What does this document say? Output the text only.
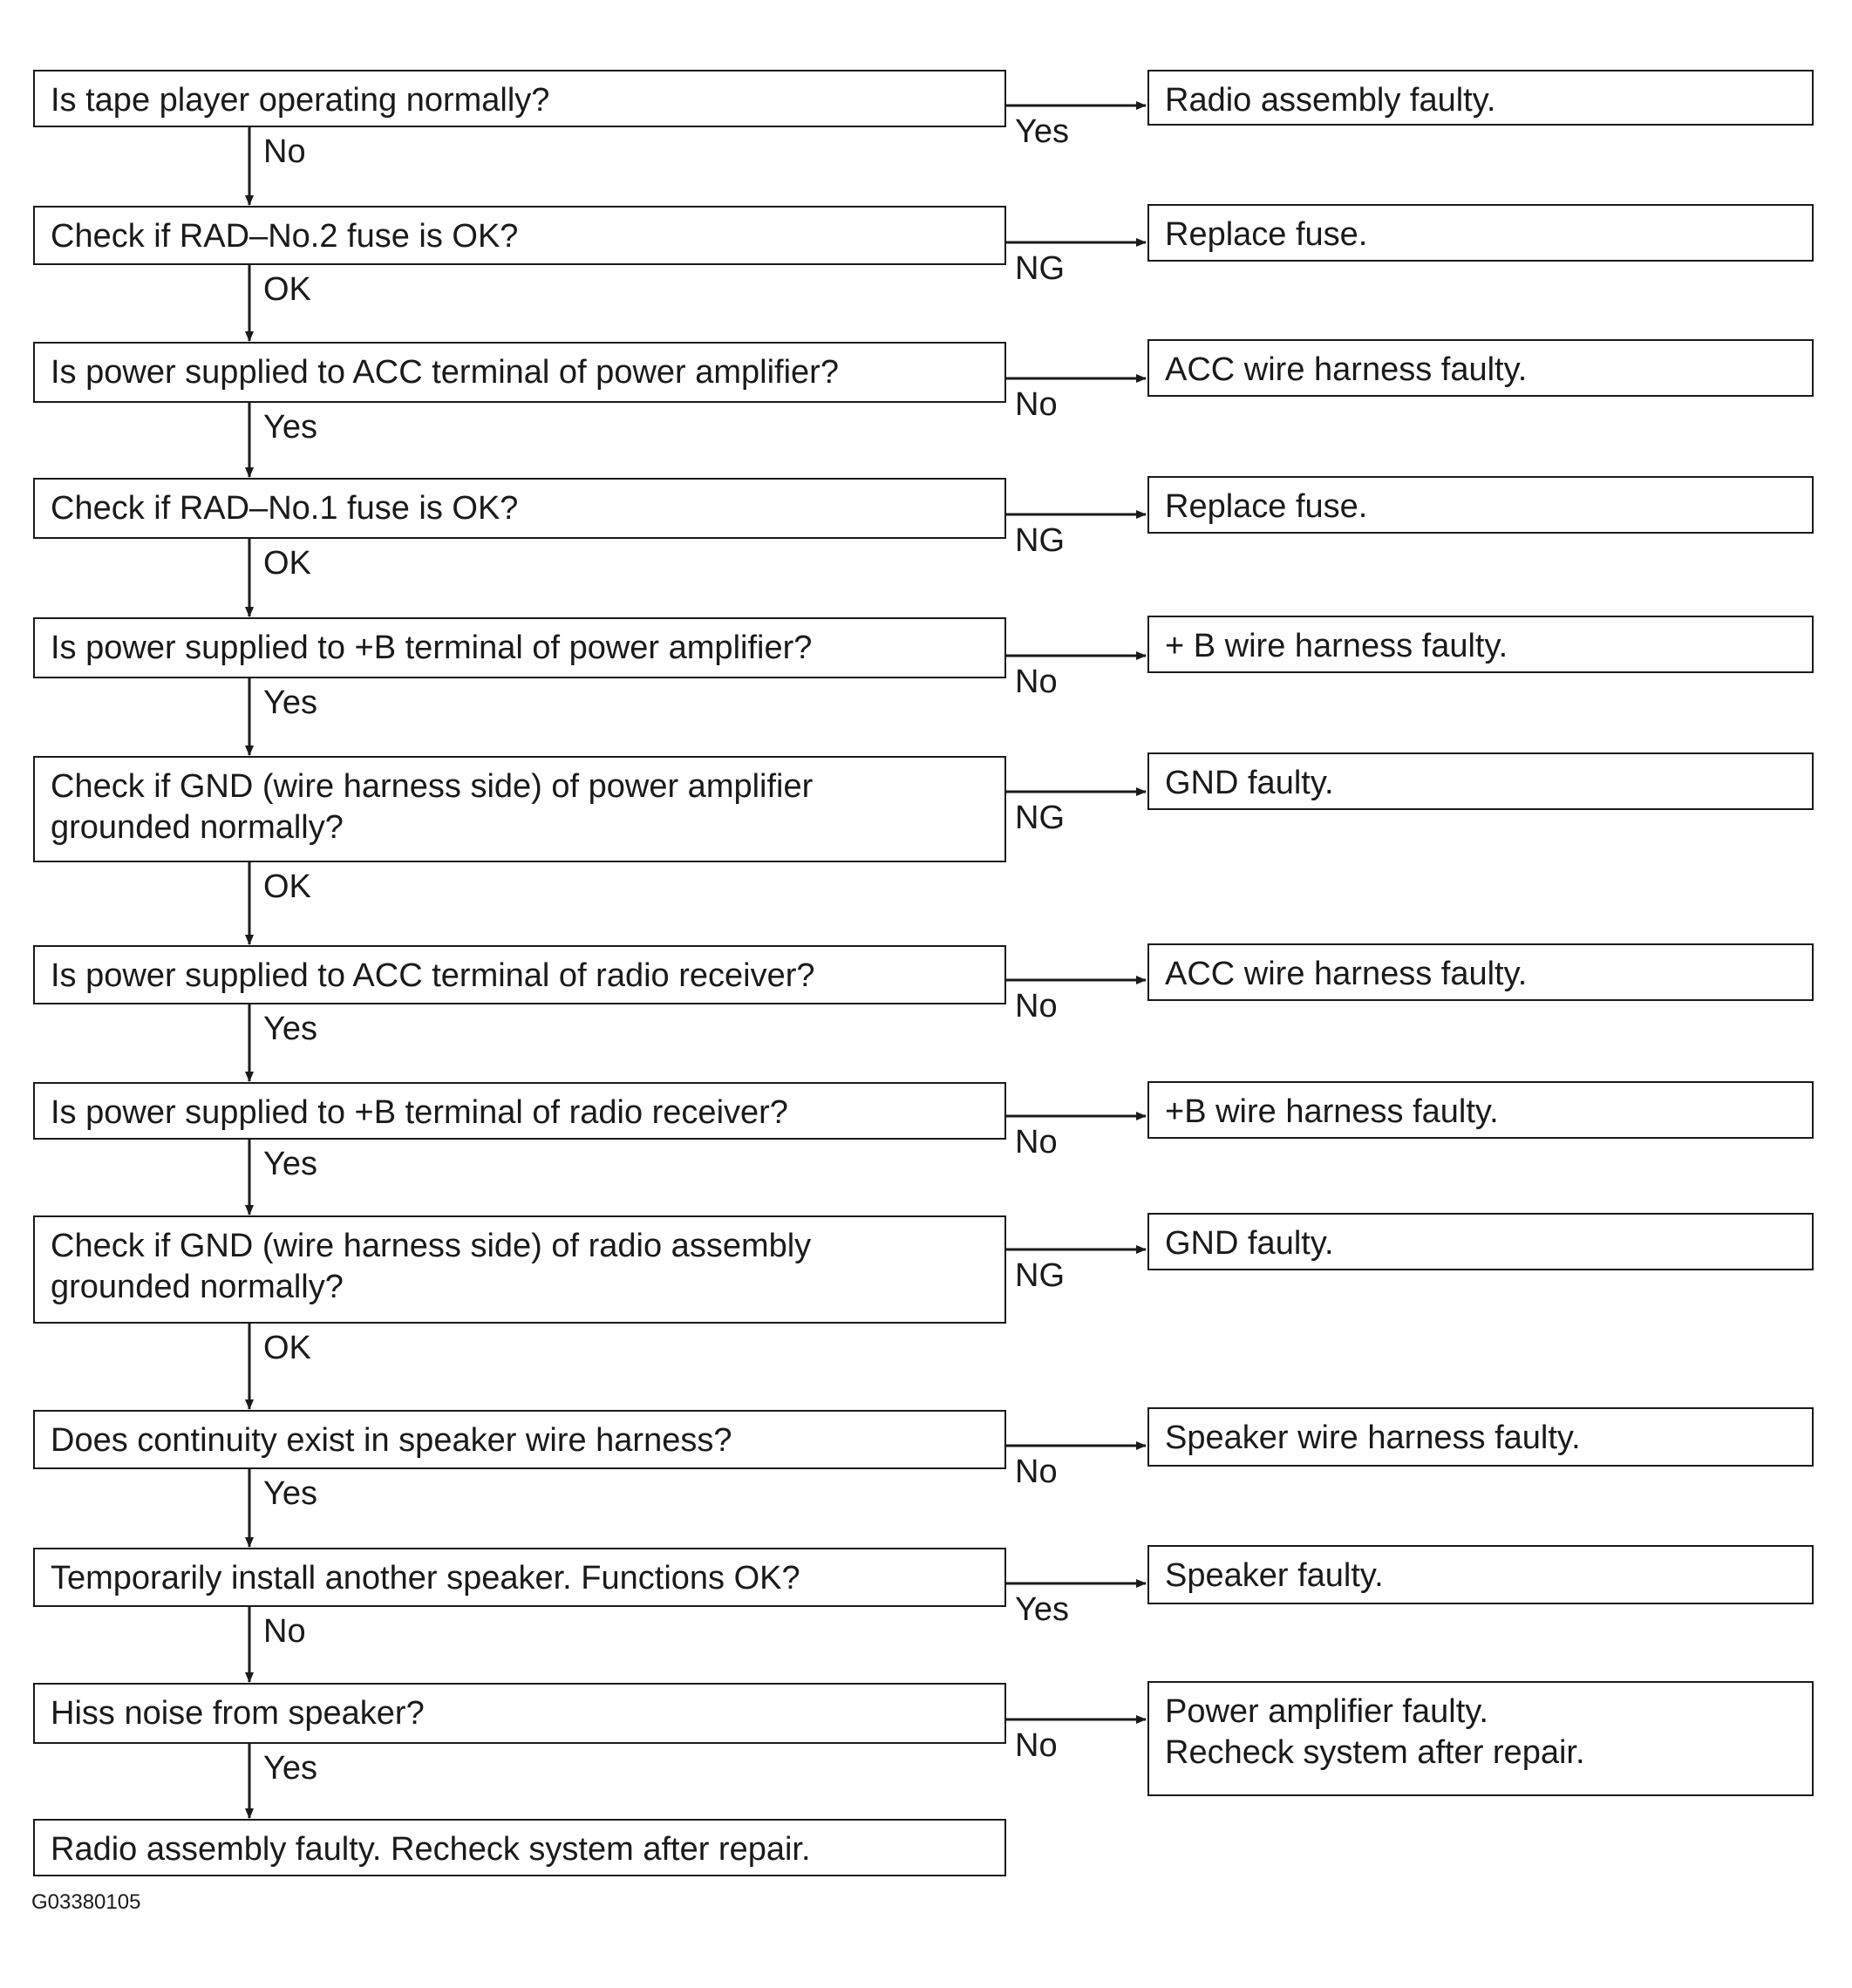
Is tape player operating normally?	Radio assembly faulty.
Yes
No
Check if RAD–No.2 fuse is OK?	Replace fuse.
NG
OK
Is power supplied to ACC terminal of power amplifier?	ACC wire harness faulty.
No
Yes
Check if RAD–No.1 fuse is OK?	Replace fuse.
NG
OK
Is power supplied to +B terminal of power amplifier?	+ B wire harness faulty.
No
Yes
Check if GND (wire harness side) of power amplifier
grounded normally?
GND faulty.
NG
OK
Is power supplied to ACC terminal of radio receiver?	ACC wire harness faulty.
No
Yes
Is power supplied to +B terminal of radio receiver?	+B wire harness faulty.
No
Yes
Check if GND (wire harness side) of radio assembly
grounded normally?
GND faulty.
NG
OK
Does continuity exist in speaker wire harness?	Speaker wire harness faulty.
No
Yes
Temporarily install another speaker. Functions OK?	Speaker faulty.
Yes
No
Hiss noise from speaker?	Power amplifier faulty.
Recheck system after repair.
No
Yes
Radio assembly faulty. Recheck system after repair.
G03380105
